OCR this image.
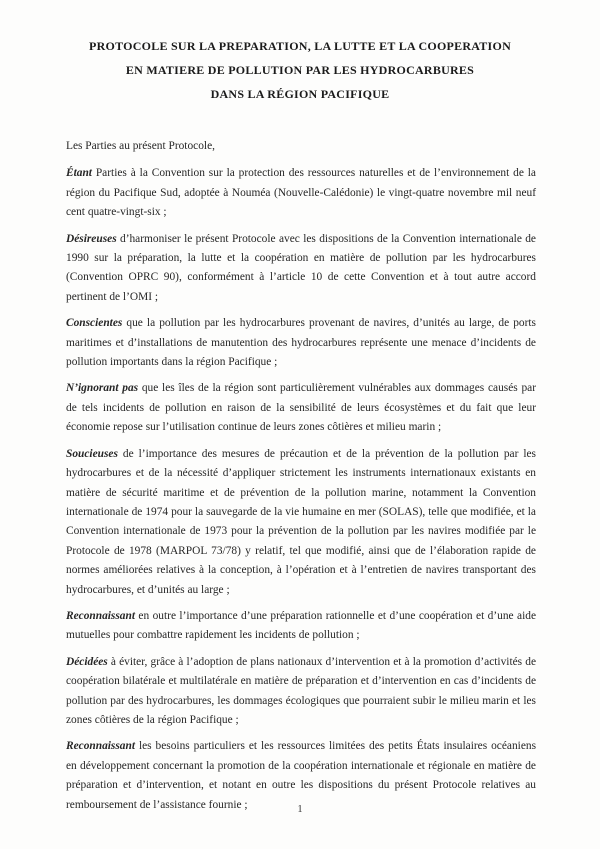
PROTOCOLE SUR LA PREPARATION, LA LUTTE ET LA COOPERATION
EN MATIERE DE POLLUTION PAR LES HYDROCARBURES
DANS LA RÉGION PACIFIQUE

Les Parties au présent Protocole,

Étant Parties à la Convention sur la protection des ressources naturelles et de l’environnement de la région du Pacifique Sud, adoptée à Nouméa (Nouvelle-Calédonie) le vingt-quatre novembre mil neuf cent quatre-vingt-six ;

Désireuses d’harmoniser le présent Protocole avec les dispositions de la Convention internationale de 1990 sur la préparation, la lutte et la coopération en matière de pollution par les hydrocarbures (Convention OPRC 90), conformément à l’article 10 de cette Convention et à tout autre accord pertinent de l’OMI ;

Conscientes que la pollution par les hydrocarbures provenant de navires, d’unités au large, de ports maritimes et d’installations de manutention des hydrocarbures représente une menace d’incidents de pollution importants dans la région Pacifique ;

N’ignorant pas que les îles de la région sont particulièrement vulnérables aux dommages causés par de tels incidents de pollution en raison de la sensibilité de leurs écosystèmes et du fait que leur économie repose sur l’utilisation continue de leurs zones côtières et milieu marin ;

Soucieuses de l’importance des mesures de précaution et de la prévention de la pollution par les hydrocarbures et de la nécessité d’appliquer strictement les instruments internationaux existants en matière de sécurité maritime et de prévention de la pollution marine, notamment la Convention internationale de 1974 pour la sauvegarde de la vie humaine en mer (SOLAS), telle que modifiée, et la Convention internationale de 1973 pour la prévention de la pollution par les navires modifiée par le Protocole de 1978 (MARPOL 73/78) y relatif, tel que modifié, ainsi que de l’élaboration rapide de normes améliorées relatives à la conception, à l’opération et à l’entretien de navires transportant des hydrocarbures, et d’unités au large ;

Reconnaissant en outre l’importance d’une préparation rationnelle et d’une coopération et d’une aide mutuelles pour combattre rapidement les incidents de pollution ;

Décidées à éviter, grâce à l’adoption de plans nationaux d’intervention et à la promotion d’activités de coopération bilatérale et multilatérale en matière de préparation et d’intervention en cas d’incidents de pollution par des hydrocarbures, les dommages écologiques que pourraient subir le milieu marin et les zones côtières de la région Pacifique ;

Reconnaissant les besoins particuliers et les ressources limitées des petits États insulaires océaniens en développement concernant la promotion de la coopération internationale et régionale en matière de préparation et d’intervention, et notant en outre les dispositions du présent Protocole relatives au remboursement de l’assistance fournie ;	1
